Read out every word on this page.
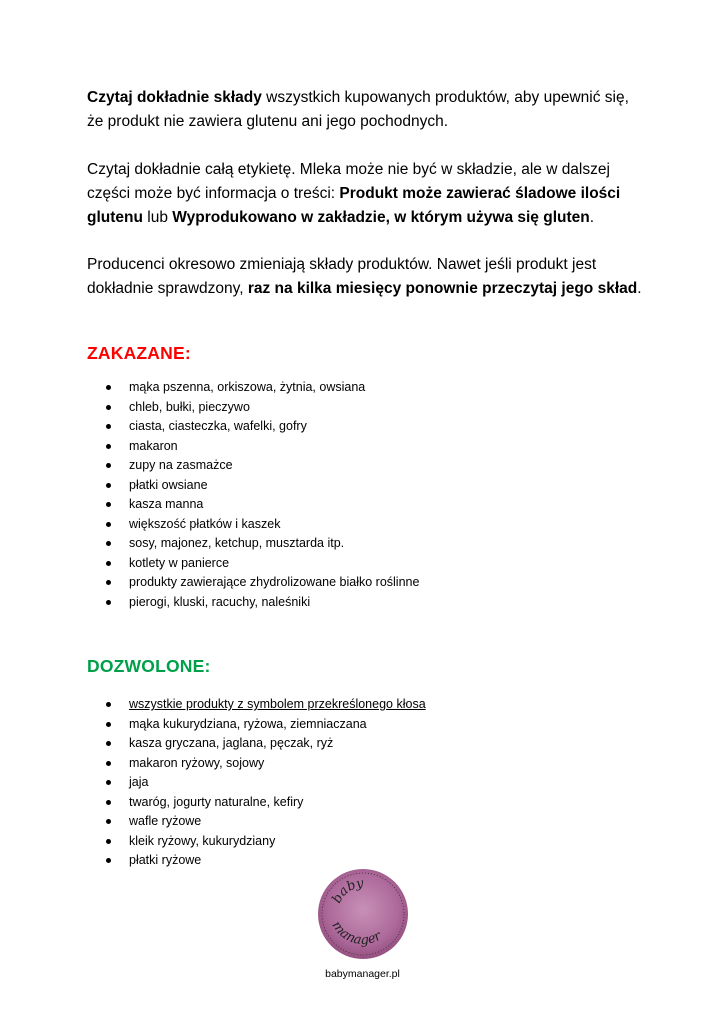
Czytaj dokładnie składy wszystkich kupowanych produktów, aby upewnić się, że produkt nie zawiera glutenu ani jego pochodnych.

Czytaj dokładnie całą etykietę. Mleka może nie być w składzie, ale w dalszej części może być informacja o treści: Produkt może zawierać śladowe ilości glutenu lub Wyprodukowano w zakładzie, w którym używa się gluten.

Producenci okresowo zmieniają składy produktów. Nawet jeśli produkt jest dokładnie sprawdzony, raz na kilka miesięcy ponownie przeczytaj jego skład.

ZAKAZANE:
mąka pszenna, orkiszowa, żytnia, owsiana
chleb, bułki, pieczywo
ciasta, ciasteczka, wafelki, gofry
makaron
zupy na zasmażce
płatki owsiane
kasza manna
większość płatków i kaszek
sosy, majonez, ketchup, musztarda itp.
kotlety w panierce
produkty zawierające zhydrolizowane białko roślinne
pierogi, kluski, racuchy, naleśniki
DOZWOLONE:
wszystkie produkty z symbolem przekreślonego kłosa
mąka kukurydziana, ryżowa, ziemniaczana
kasza gryczana, jaglana, pęczak, ryż
makaron ryżowy, sojowy
jaja
twaróg, jogurty naturalne, kefiry
wafle ryżowe
kleik ryżowy, kukurydziany
płatki ryżowe
baby
manager
babymanager.pl
